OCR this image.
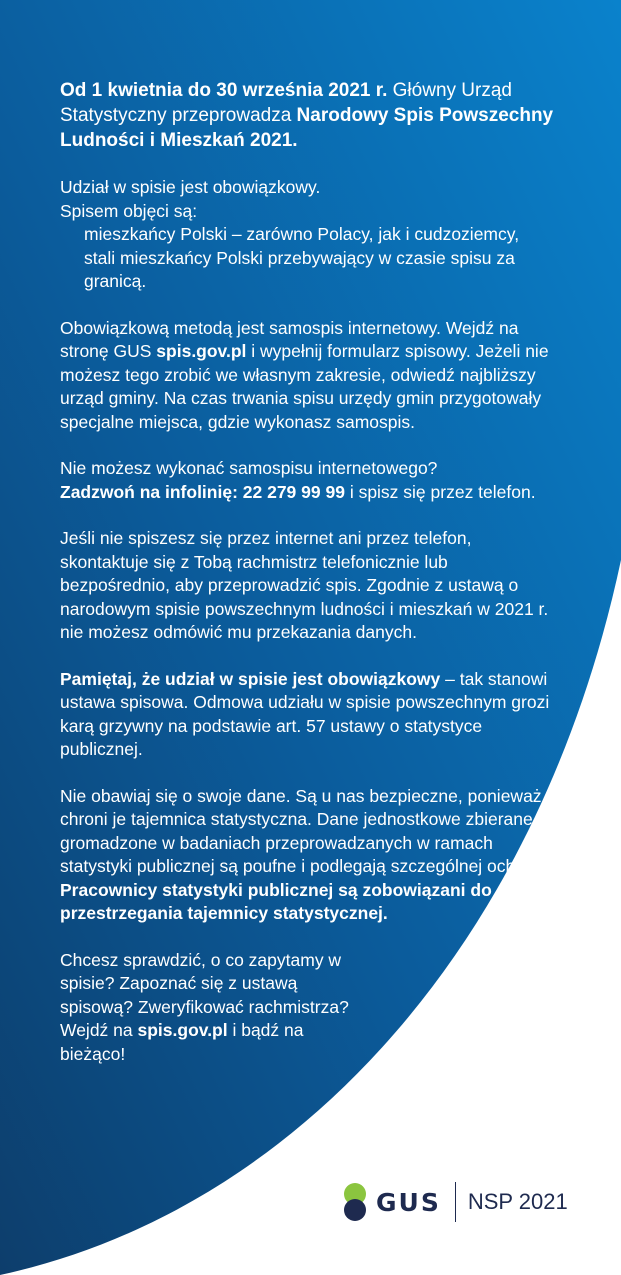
Od 1 kwietnia do 30 września 2021 r. Główny Urząd Statystyczny przeprowadza Narodowy Spis Powszechny Ludności i Mieszkań 2021.

Udział w spisie jest obowiązkowy.
Spisem objęci są:
mieszkańcy Polski – zarówno Polacy, jak i cudzoziemcy,
stali mieszkańcy Polski przebywający w czasie spisu za granicą.

Obowiązkową metodą jest samospis internetowy. Wejdź na stronę GUS spis.gov.pl i wypełnij formularz spisowy. Jeżeli nie możesz tego zrobić we własnym zakresie, odwiedź najbliższy urząd gminy. Na czas trwania spisu urzędy gmin przygotowały specjalne miejsca, gdzie wykonasz samospis.

Nie możesz wykonać samospisu internetowego?
Zadzwoń na infolinię: 22 279 99 99 i spisz się przez telefon.

Jeśli nie spiszesz się przez internet ani przez telefon, skontaktuje się z Tobą rachmistrz telefonicznie lub bezpośrednio, aby przeprowadzić spis. Zgodnie z ustawą o narodowym spisie powszechnym ludności i mieszkań w 2021 r. nie możesz odmówić mu przekazania danych.

Pamiętaj, że udział w spisie jest obowiązkowy – tak stanowi ustawa spisowa. Odmowa udziału w spisie powszechnym grozi karą grzywny na podstawie art. 57 ustawy o statystyce publicznej.

Nie obawiaj się o swoje dane. Są u nas bezpieczne, ponieważ chroni je tajemnica statystyczna. Dane jednostkowe zbierane i gromadzone w badaniach przeprowadzanych w ramach statystyki publicznej są poufne i podlegają szczególnej ochronie. Pracownicy statystyki publicznej są zobowiązani do przestrzegania tajemnicy statystycznej.

Chcesz sprawdzić, o co zapytamy w spisie? Zapoznać się z ustawą spisową? Zweryfikować rachmistrza? Wejdź na spis.gov.pl i bądź na bieżąco!

GUS NSP 2021
